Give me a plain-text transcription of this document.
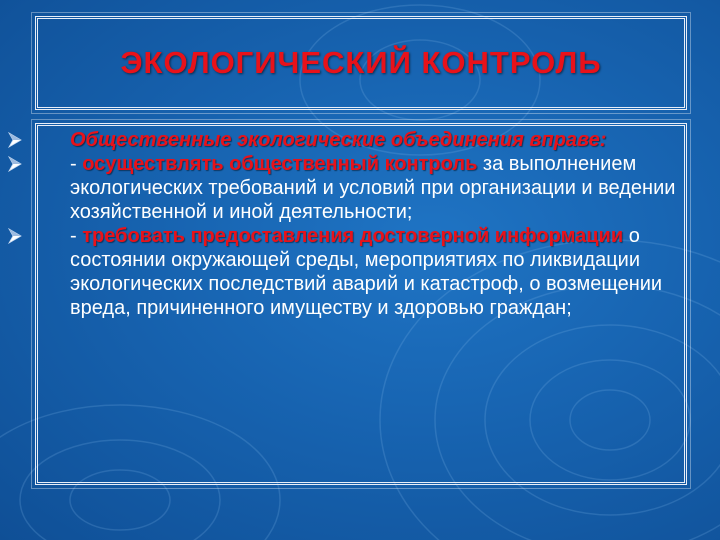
ЭКОЛОГИЧЕСКИЙ КОНТРОЛЬ
Общественные экологические объединения вправе:
- осуществлять общественный контроль за выполнением экологических требований и условий при организации и ведении хозяйственной и иной деятельности;
- требовать предоставления достоверной информации о состоянии окружающей среды, мероприятиях по ликвидации экологических последствий аварий и катастроф, о возмещении вреда, причиненного имуществу и здоровью граждан;
